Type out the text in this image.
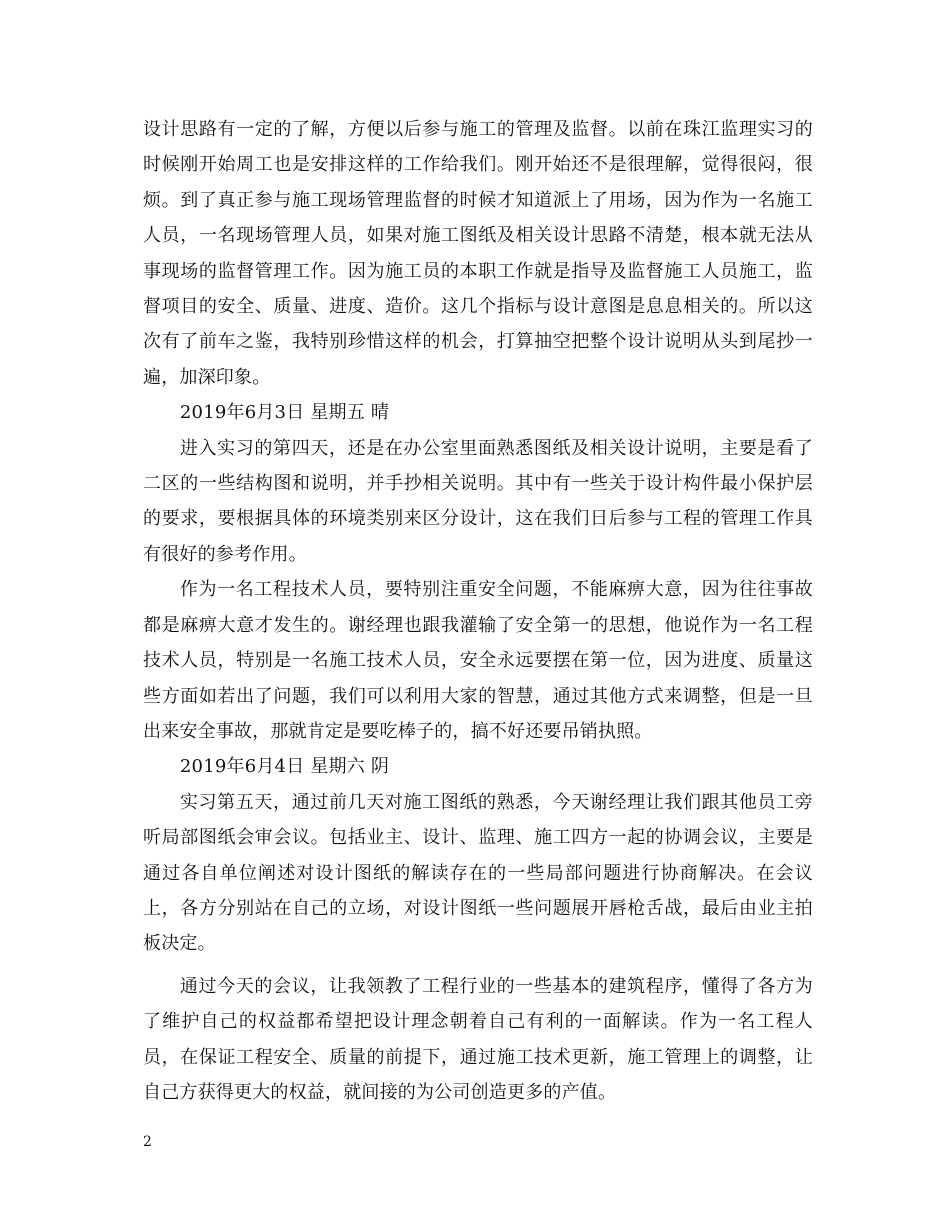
设计思路有一定的了解，方便以后参与施工的管理及监督。以前在珠江监理实习的时候刚开始周工也是安排这样的工作给我们。刚开始还不是很理解，觉得很闷，很烦。到了真正参与施工现场管理监督的时候才知道派上了用场，因为作为一名施工人员，一名现场管理人员，如果对施工图纸及相关设计思路不清楚，根本就无法从事现场的监督管理工作。因为施工员的本职工作就是指导及监督施工人员施工，监督项目的安全、质量、进度、造价。这几个指标与设计意图是息息相关的。所以这次有了前车之鉴，我特别珍惜这样的机会，打算抽空把整个设计说明从头到尾抄一遍，加深印象。

2019年6月3日 星期五 晴

进入实习的第四天，还是在办公室里面熟悉图纸及相关设计说明，主要是看了二区的一些结构图和说明，并手抄相关说明。其中有一些关于设计构件最小保护层的要求，要根据具体的环境类别来区分设计，这在我们日后参与工程的管理工作具有很好的参考作用。

作为一名工程技术人员，要特别注重安全问题，不能麻痹大意，因为往往事故都是麻痹大意才发生的。谢经理也跟我灌输了安全第一的思想，他说作为一名工程技术人员，特别是一名施工技术人员，安全永远要摆在第一位，因为进度、质量这些方面如若出了问题，我们可以利用大家的智慧，通过其他方式来调整，但是一旦出来安全事故，那就肯定是要吃棒子的，搞不好还要吊销执照。

2019年6月4日 星期六 阴

实习第五天，通过前几天对施工图纸的熟悉，今天谢经理让我们跟其他员工旁听局部图纸会审会议。包括业主、设计、监理、施工四方一起的协调会议，主要是通过各自单位阐述对设计图纸的解读存在的一些局部问题进行协商解决。在会议上，各方分别站在自己的立场，对设计图纸一些问题展开唇枪舌战，最后由业主拍板决定。

通过今天的会议，让我领教了工程行业的一些基本的建筑程序，懂得了各方为了维护自己的权益都希望把设计理念朝着自己有利的一面解读。作为一名工程人员，在保证工程安全、质量的前提下，通过施工技术更新，施工管理上的调整，让自己方获得更大的权益，就间接的为公司创造更多的产值。

2
